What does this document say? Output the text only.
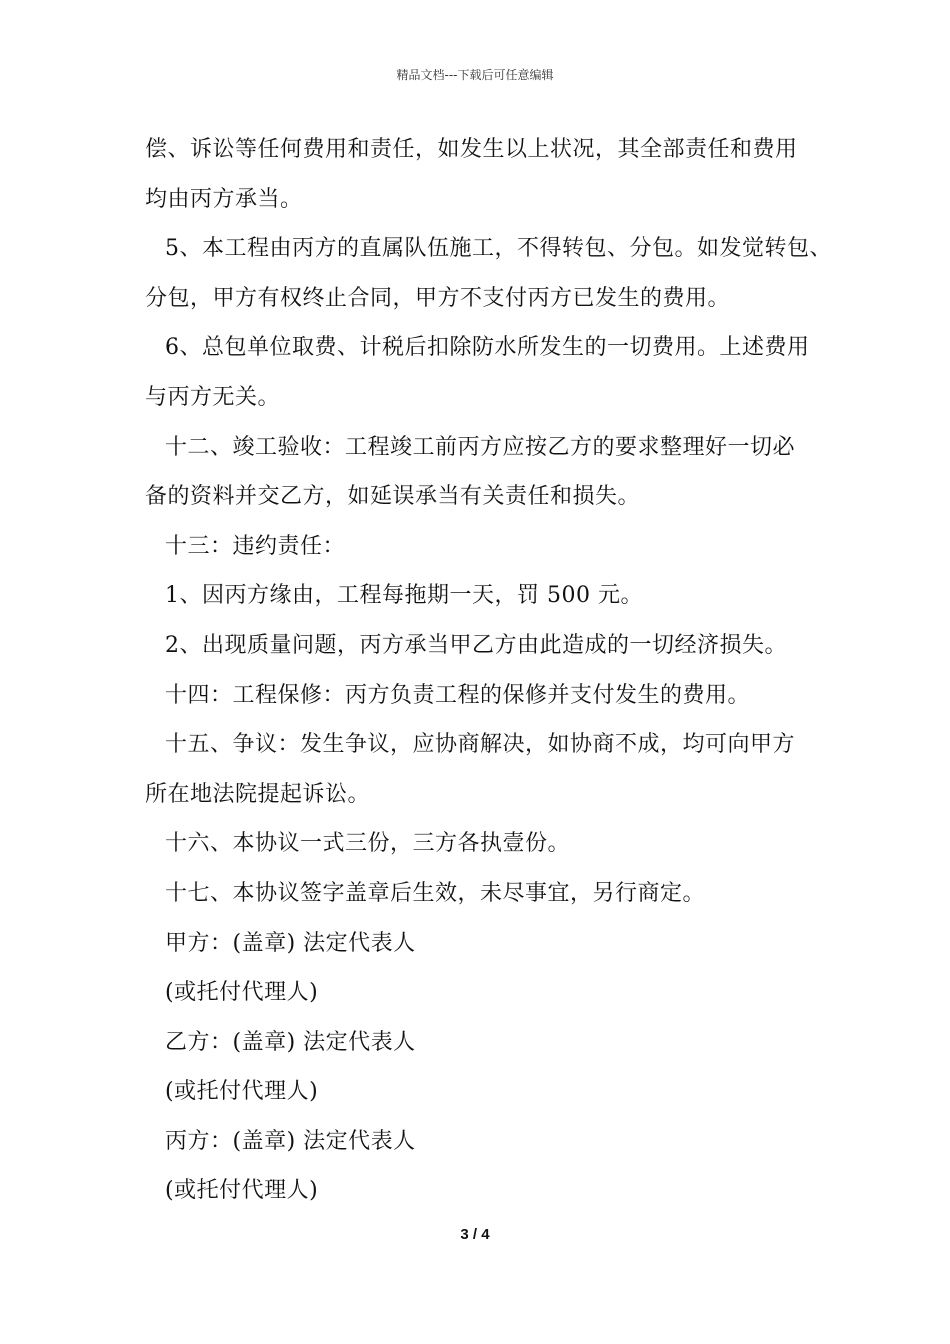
精品文档---下载后可任意编辑
偿、诉讼等任何费用和责任，如发生以上状况，其全部责任和费用
均由丙方承当。
5、本工程由丙方的直属队伍施工，不得转包、分包。如发觉转包、
分包，甲方有权终止合同，甲方不支付丙方已发生的费用。
6、总包单位取费、计税后扣除防水所发生的一切费用。上述费用
与丙方无关。
十二、竣工验收：工程竣工前丙方应按乙方的要求整理好一切必
备的资料并交乙方，如延误承当有关责任和损失。
十三：违约责任：
1、因丙方缘由，工程每拖期一天，罚 500 元。
2、出现质量问题，丙方承当甲乙方由此造成的一切经济损失。
十四：工程保修：丙方负责工程的保修并支付发生的费用。
十五、争议：发生争议，应协商解决，如协商不成，均可向甲方
所在地法院提起诉讼。
十六、本协议一式三份，三方各执壹份。
十七、本协议签字盖章后生效，未尽事宜，另行商定。
甲方：(盖章) 法定代表人
(或托付代理人)
乙方：(盖章) 法定代表人
(或托付代理人)
丙方：(盖章) 法定代表人
(或托付代理人)
3 / 4
